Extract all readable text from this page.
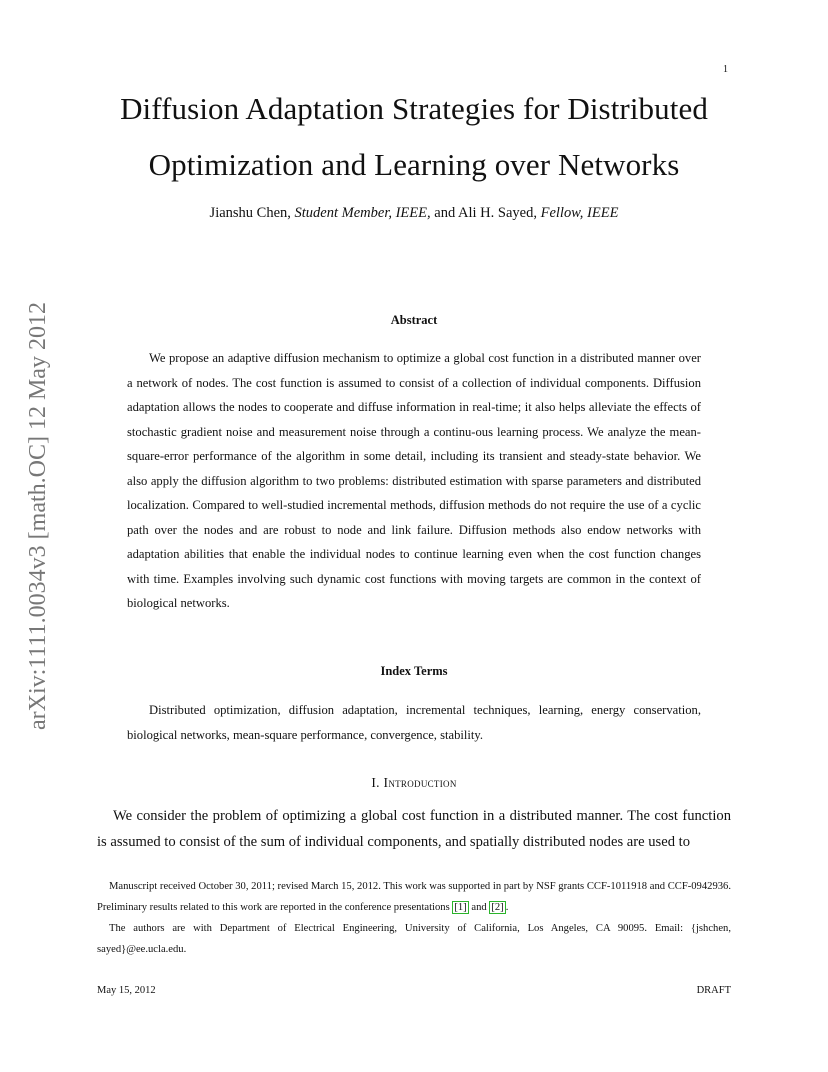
1
arXiv:1111.0034v3 [math.OC] 12 May 2012
Diffusion Adaptation Strategies for Distributed
Optimization and Learning over Networks
Jianshu Chen, Student Member, IEEE, and Ali H. Sayed, Fellow, IEEE
Abstract

We propose an adaptive diffusion mechanism to optimize a global cost function in a distributed manner over a network of nodes. The cost function is assumed to consist of a collection of individual components. Diffusion adaptation allows the nodes to cooperate and diffuse information in real-time; it also helps alleviate the effects of stochastic gradient noise and measurement noise through a continu-ous learning process. We analyze the mean-square-error performance of the algorithm in some detail, including its transient and steady-state behavior. We also apply the diffusion algorithm to two problems: distributed estimation with sparse parameters and distributed localization. Compared to well-studied incremental methods, diffusion methods do not require the use of a cyclic path over the nodes and are robust to node and link failure. Diffusion methods also endow networks with adaptation abilities that enable the individual nodes to continue learning even when the cost function changes with time. Examples involving such dynamic cost functions with moving targets are common in the context of biological networks.

Index Terms

Distributed optimization, diffusion adaptation, incremental techniques, learning, energy conservation, biological networks, mean-square performance, convergence, stability.

I. Introduction

We consider the problem of optimizing a global cost function in a distributed manner. The cost function is assumed to consist of the sum of individual components, and spatially distributed nodes are used to

Manuscript received October 30, 2011; revised March 15, 2012. This work was supported in part by NSF grants CCF-1011918 and CCF-0942936. Preliminary results related to this work are reported in the conference presentations [1] and [2] .

The authors are with Department of Electrical Engineering, University of California, Los Angeles, CA 90095. Email: {jshchen, sayed}@ee.ucla.edu.

May 15, 2012	DRAFT
